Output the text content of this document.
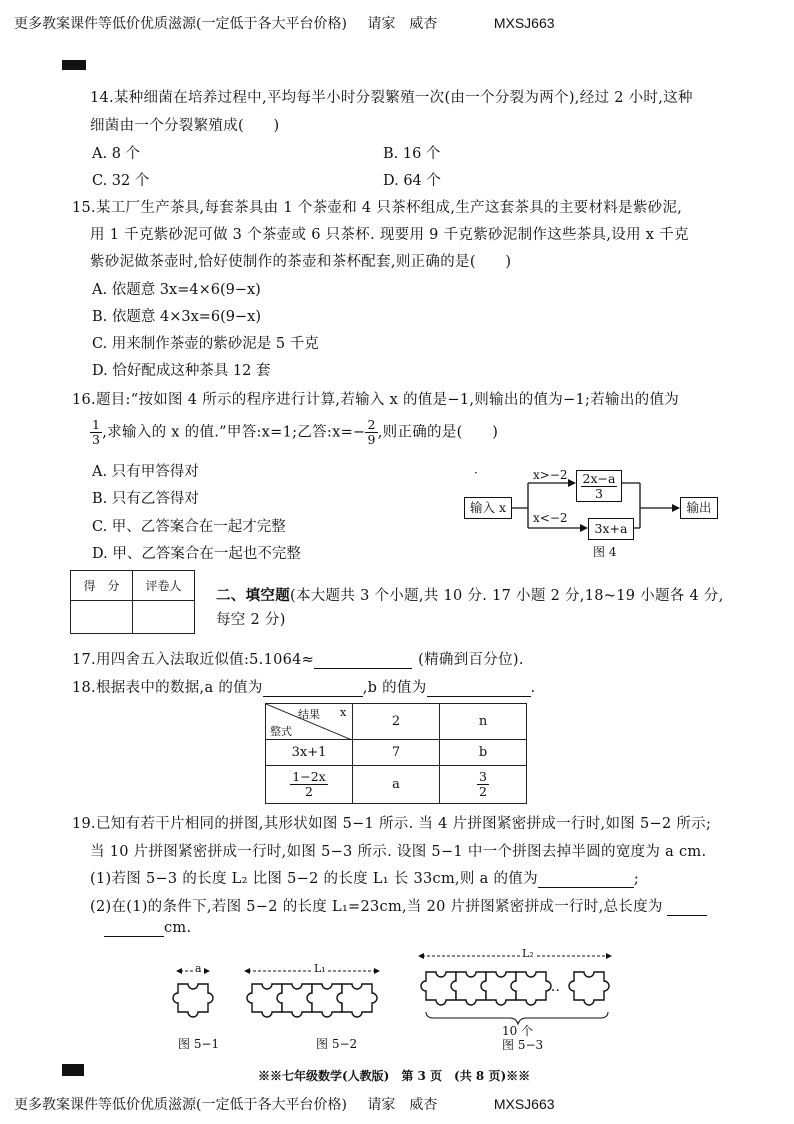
更多教案课件等低价优质滋源(一定低于各大平台价格) 请家　威杏	MXSJ663
14.某种细菌在培养过程中,平均每半小时分裂繁殖一次(由一个分裂为两个),经过 2 小时,这种
细菌由一个分裂繁殖成(　　)
A. 8 个	B. 16 个
C. 32 个	D. 64 个
15.某工厂生产茶具,每套茶具由 1 个茶壶和 4 只茶杯组成,生产这套茶具的主要材料是紫砂泥,
用 1 千克紫砂泥可做 3 个茶壶或 6 只茶杯. 现要用 9 千克紫砂泥制作这些茶具,设用 x 千克
紫砂泥做茶壶时,恰好使制作的茶壶和茶杯配套,则正确的是(　　)
A. 依题意 3x=4×6(9−x)
B. 依题意 4×3x=6(9−x)
C. 用来制作茶壶的紫砂泥是 5 千克
D. 恰好配成这种茶具 12 套
16.题目:“按如图 4 所示的程序进行计算,若输入 x 的值是−1,则输出的值为−1;若输出的值为
$\frac{1}{3}$ ,求输入的 x 的值.”甲答:x=1;乙答:x=− $\frac{2}{9}$ ,则正确的是(　　)
A. 只有甲答得对
B. 只有乙答得对
C. 甲、乙答案合在一起才完整
D. 甲、乙答案合在一起也不完整
输入 x
$\frac{2x-a}{3}$
3x+a
输出
x>−2
x<−2
图 4
·
得　分	评卷人

二、填空题(本大题共 3 个小题,共 10 分. 17 小题 2 分,18~19 小题各 4 分,
每空 2 分)
17.用四舍五入法取近似值:5.1064≈	(精确到百分位).
18.根据表中的数据,a 的值为	,b 的值为	.
结果 x
整式	2	n
3x+1	7	b

$\frac{1-2x}{2}$	a	$\frac{3}{2}$
19.已知有若干片相同的拼图,其形状如图 5−1 所示. 当 4 片拼图紧密拼成一行时,如图 5−2 所示;
当 10 片拼图紧密拼成一行时,如图 5−3 所示. 设图 5−1 中一个拼图去掉半圆的宽度为 a cm.
(1)若图 5−3 的长度 L₂ 比图 5−2 的长度 L₁ 长 33cm,则 a 的值为	;
(2)在(1)的条件下,若图 5−2 的长度 L₁=23cm,当 20 片拼图紧密拼成一行时,总长度为
cm.
a	L₁
L₂
…
10 个
图 5−1	图 5−2	图 5−3
※※七年级数学(人教版)　第 3 页　(共 8 页)※※
更多教案课件等低价优质滋源(一定低于各大平台价格) 请家　威杏	MXSJ663
